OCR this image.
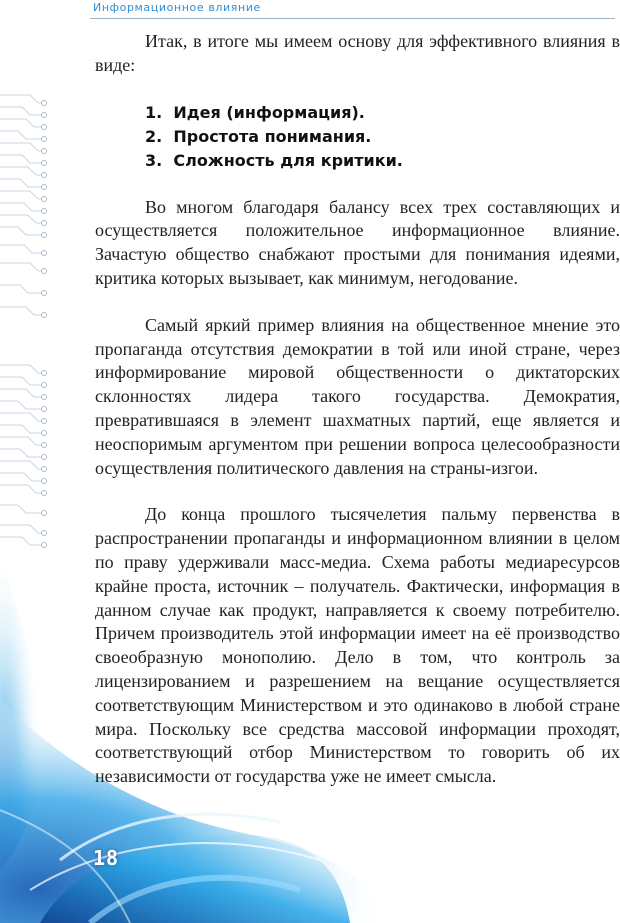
Информационное влияние
18

Итак, в итоге мы имеем основу для эффективного влияния в виде:

1.  Идея (информация).
2.  Простота понимания.
3.  Сложность для критики.

Во многом благодаря балансу всех трех составляющих и осуществляется положительное информационное влияние. Зачастую общество снабжают простыми для понимания идеями, критика которых вызывает, как минимум, негодование.

Самый яркий пример влияния на общественное мнение это пропаганда отсутствия демократии в той или иной стране, через информирование мировой общественности о диктаторских склонностях лидера такого государства. Демократия, превратившаяся в элемент шахматных партий, еще является и неоспоримым аргументом при решении вопроса целесообразности осуществления политического давления на страны-изгои.

До конца прошлого тысячелетия пальму первенства в распространении пропаганды и информационном влиянии в целом по праву удерживали масс-медиа. Схема работы медиаресурсов крайне проста, источник – получатель. Фактически, информация в данном случае как продукт, направляется к своему потребителю. Причем производитель этой информации имеет на её производство своеобразную монополию. Дело в том, что контроль за лицензированием и разрешением на вещание осуществляется соответствующим Министерством и это одинаково в любой стране мира. Поскольку все средства массовой информации проходят, соответствующий отбор Министерством то говорить об их независимости от государства уже не имеет смысла.
